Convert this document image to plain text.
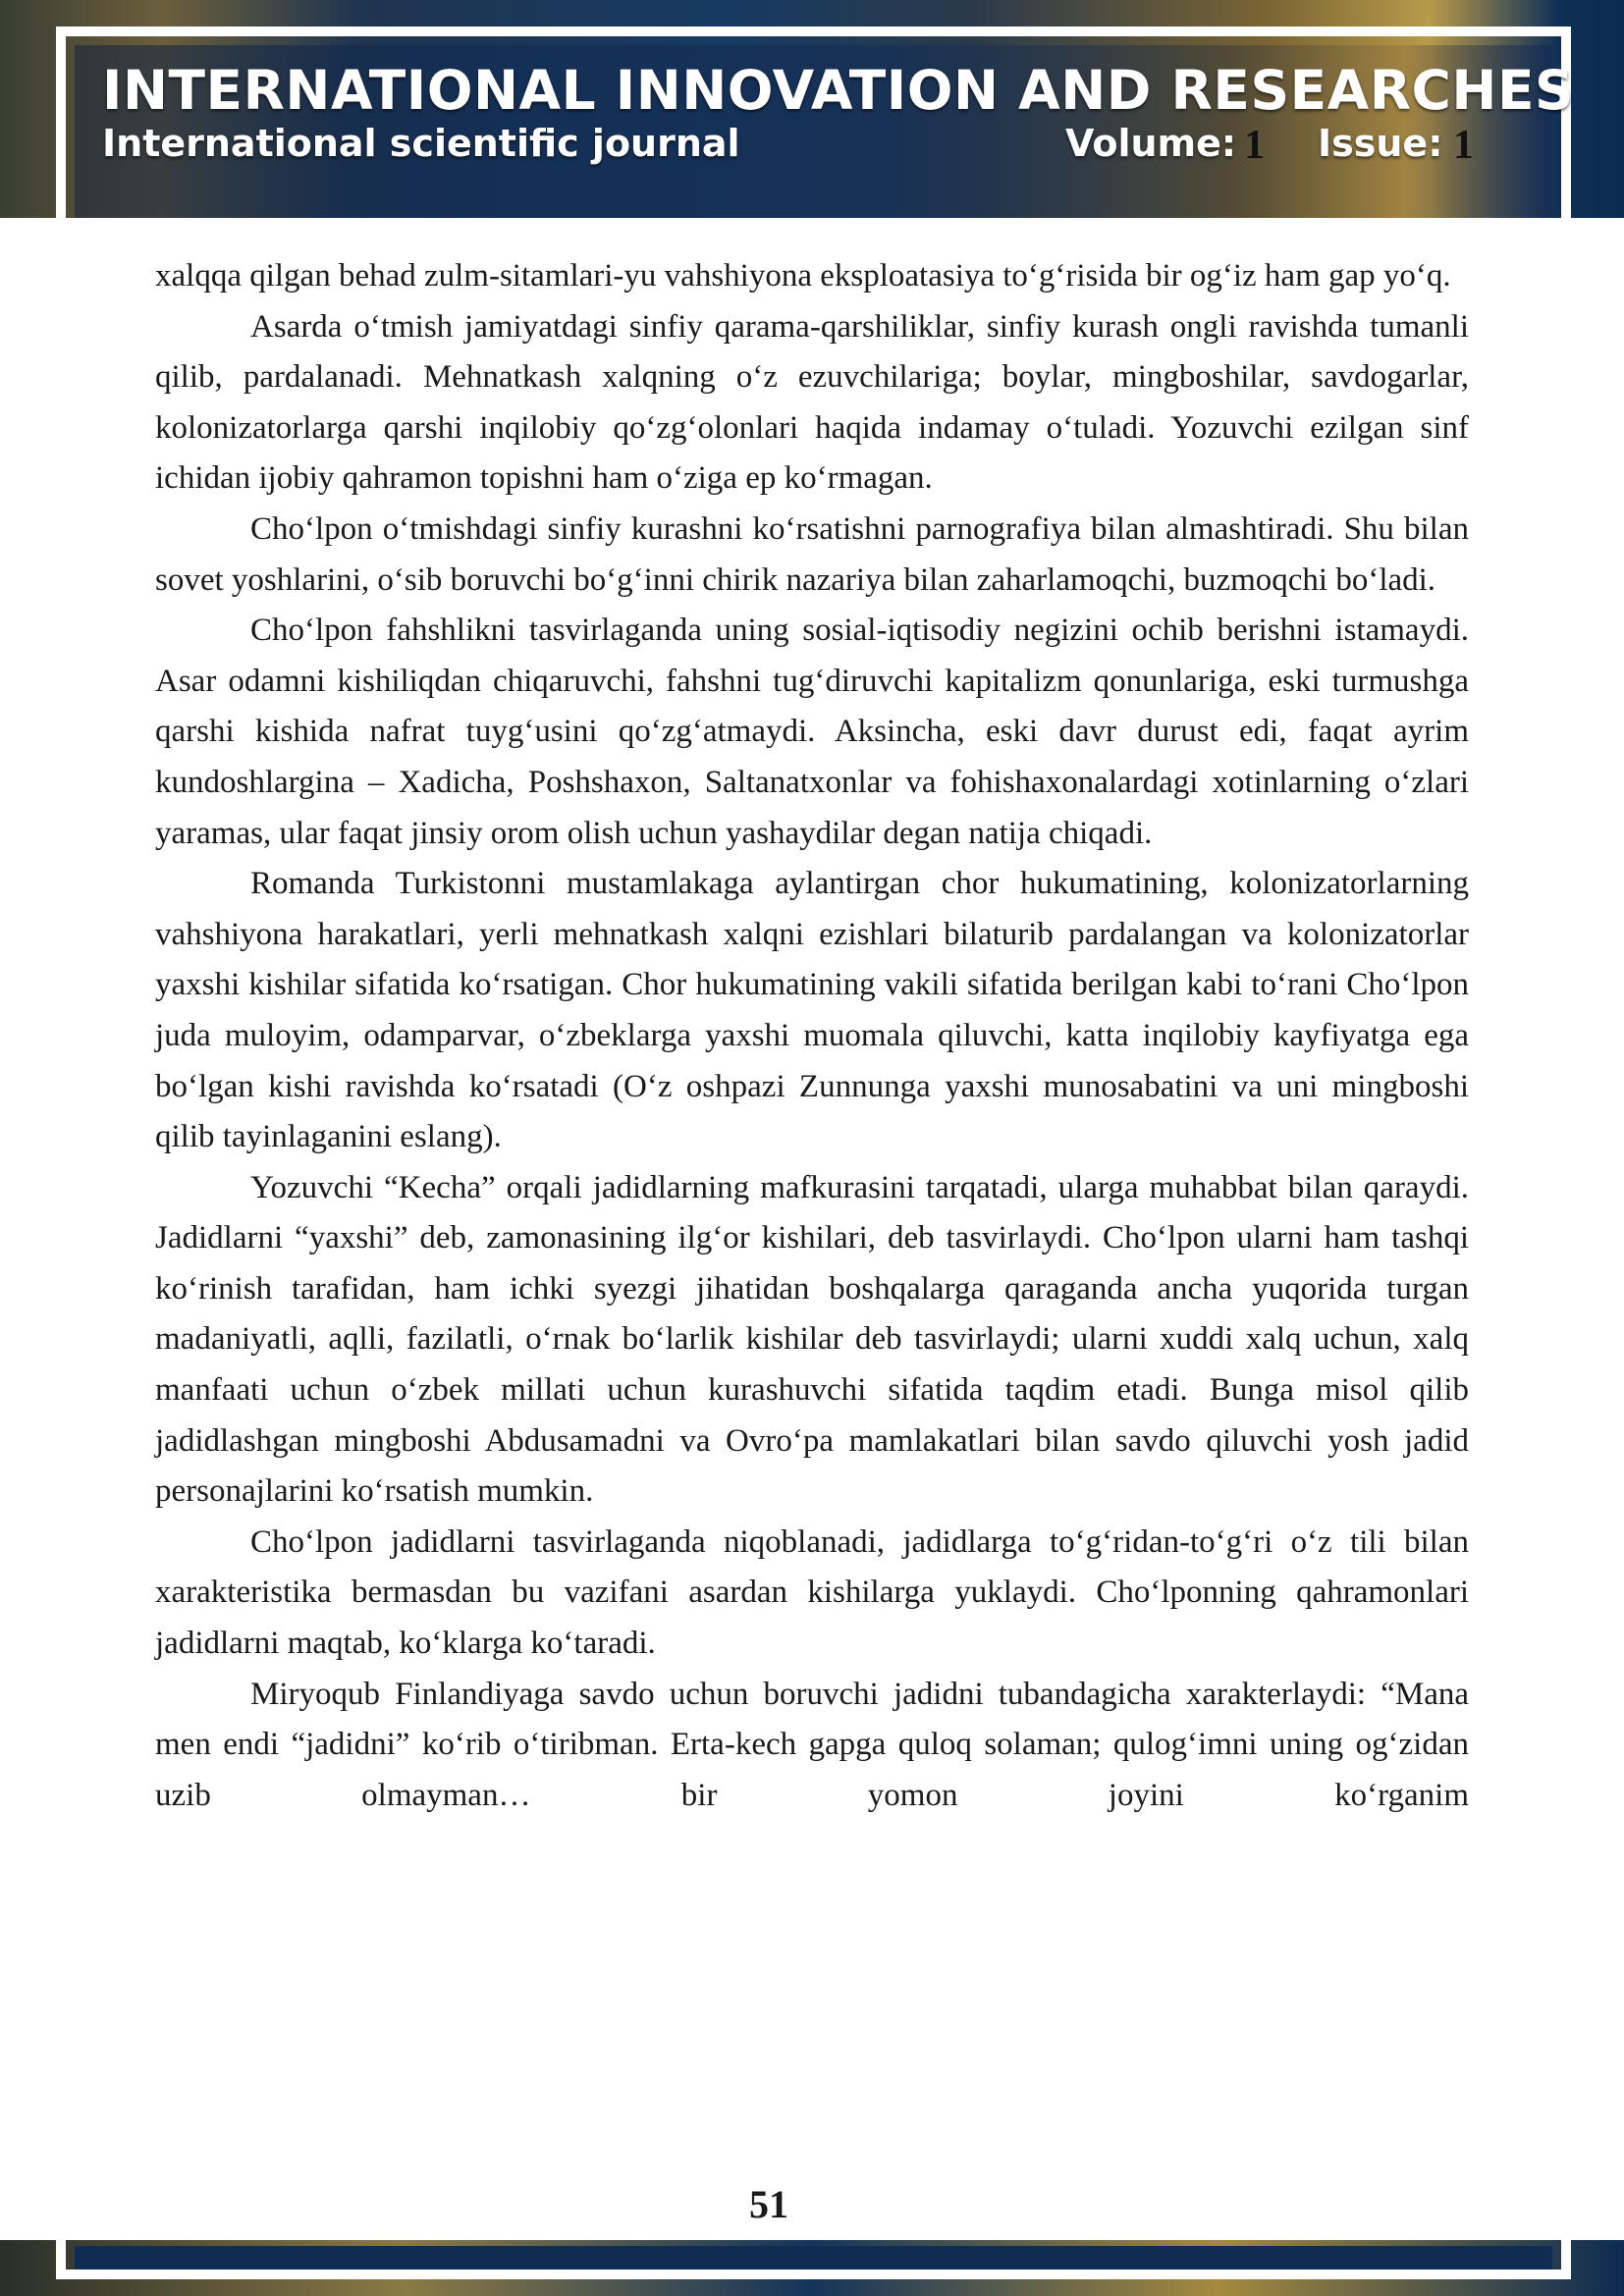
INTERNATIONAL INNOVATION AND RESEARCHES
International scientific journal	Volume: 1 Issue: 1

xalqqa qilgan behad zulm-sitamlari-yu vahshiyona eksploatasiya to‘g‘risida bir og‘iz ham gap yo‘q.

Asarda o‘tmish jamiyatdagi sinfiy qarama-qarshiliklar, sinfiy kurash ongli ravishda tumanli qilib, pardalanadi. Mehnatkash xalqning o‘z ezuvchilariga; boylar, mingboshilar, savdogarlar, kolonizatorlarga qarshi inqilobiy qo‘zg‘olonlari haqida indamay o‘tuladi. Yozuvchi ezilgan sinf ichidan ijobiy qahramon topishni ham o‘ziga ep ko‘rmagan.

Cho‘lpon o‘tmishdagi sinfiy kurashni ko‘rsatishni parnografiya bilan almashtiradi. Shu bilan sovet yoshlarini, o‘sib boruvchi bo‘g‘inni chirik nazariya bilan zaharlamoqchi, buzmoqchi bo‘ladi.

Cho‘lpon fahshlikni tasvirlaganda uning sosial-iqtisodiy negizini ochib berishni istamaydi. Asar odamni kishiliqdan chiqaruvchi, fahshni tug‘diruvchi kapitalizm qonunlariga, eski turmushga qarshi kishida nafrat tuyg‘usini qo‘zg‘atmaydi. Aksincha, eski davr durust edi, faqat ayrim kundoshlargina – Xadicha, Poshshaxon, Saltanatxonlar va fohishaxonalardagi xotinlarning o‘zlari yaramas, ular faqat jinsiy orom olish uchun yashaydilar degan natija chiqadi.

Romanda Turkistonni mustamlakaga aylantirgan chor hukumatining, kolonizatorlarning vahshiyona harakatlari, yerli mehnatkash xalqni ezishlari bilaturib pardalangan va kolonizatorlar yaxshi kishilar sifatida ko‘rsatigan. Chor hukumatining vakili sifatida berilgan kabi to‘rani Cho‘lpon juda muloyim, odamparvar, o‘zbeklarga yaxshi muomala qiluvchi, katta inqilobiy kayfiyatga ega bo‘lgan kishi ravishda ko‘rsatadi (O‘z oshpazi Zunnunga yaxshi munosabatini va uni mingboshi qilib tayinlaganini eslang).

Yozuvchi “Kecha” orqali jadidlarning mafkurasini tarqatadi, ularga muhabbat bilan qaraydi. Jadidlarni “yaxshi” deb, zamonasining ilg‘or kishilari, deb tasvirlaydi. Cho‘lpon ularni ham tashqi ko‘rinish tarafidan, ham ichki syezgi jihatidan boshqalarga qaraganda ancha yuqorida turgan madaniyatli, aqlli, fazilatli, o‘rnak bo‘larlik kishilar deb tasvirlaydi; ularni xuddi xalq uchun, xalq manfaati uchun o‘zbek millati uchun kurashuvchi sifatida taqdim etadi. Bunga misol qilib jadidlashgan mingboshi Abdusamadni va Ovro‘pa mamlakatlari bilan savdo qiluvchi yosh jadid personajlarini ko‘rsatish mumkin.

Cho‘lpon jadidlarni tasvirlaganda niqoblanadi, jadidlarga to‘g‘ridan-to‘g‘ri o‘z tili bilan xarakteristika bermasdan bu vazifani asardan kishilarga yuklaydi. Cho‘lponning qahramonlari jadidlarni maqtab, ko‘klarga ko‘taradi.

Miryoqub Finlandiyaga savdo uchun boruvchi jadidni tubandagicha xarakterlaydi: “Mana men endi “jadidni” ko‘rib o‘tiribman. Erta-kech gapga quloq solaman; qulog‘imni uning og‘zidan uzib olmayman… bir yomon joyini ko‘rganim

51
